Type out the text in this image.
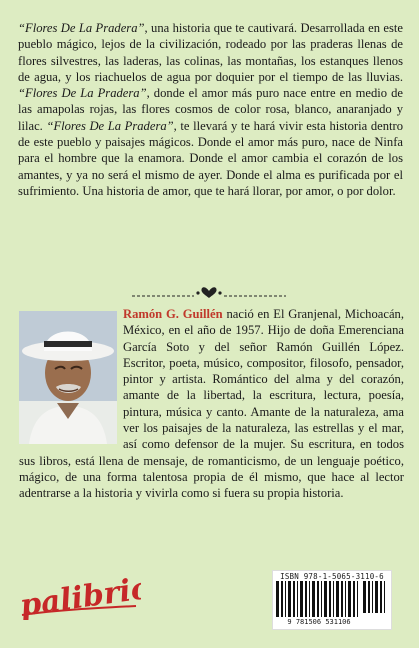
“Flores De La Pradera”, una historia que te cautivará. Desarrollada en este pueblo mágico, lejos de la civilización, rodeado por las praderas llenas de flores silvestres, las laderas, las colinas, las montañas, los estanques llenos de agua, y los riachuelos de agua por doquier por el tiempo de las lluvias. “Flores De La Pradera”, donde el amor más puro nace entre en medio de las amapolas rojas, las flores cosmos de color rosa, blanco, anaranjado y lilac. “Flores De La Pradera”, te llevará y te hará vivir esta historia dentro de este pueblo y paisajes mágicos. Donde el amor más puro, nace de Ninfa para el hombre que la enamora. Donde el amor cambia el corazón de los amantes, y ya no será el mismo de ayer. Donde el alma es purificada por el sufrimiento. Una historia de amor, que te hará llorar, por amor, o por dolor.
Ramón G. Guillén nació en El Granjenal, Michoacán, México, en el año de 1957. Hijo de doña Emerenciana García Soto y del señor Ramón Guillén López. Escritor, poeta, músico, compositor, filosofo, pensador, pintor y artista. Romántico del alma y del corazón, amante de la libertad, la escritura, lectura, poesía, pintura, música y canto. Amante de la naturaleza, ama ver los paisajes de la naturaleza, las estrellas y el mar, así como defensor de la mujer. Su escritura, en todos sus libros, está llena de mensaje, de romanticismo, de un lenguaje poético, mágico, de una forma talentosa propia de él mismo, que hace al lector adentrarse a la historia y vivirla como si fuera su propia historia.
palibrio	ISBN 978-1-5065-3110-6
9 781506 531106
